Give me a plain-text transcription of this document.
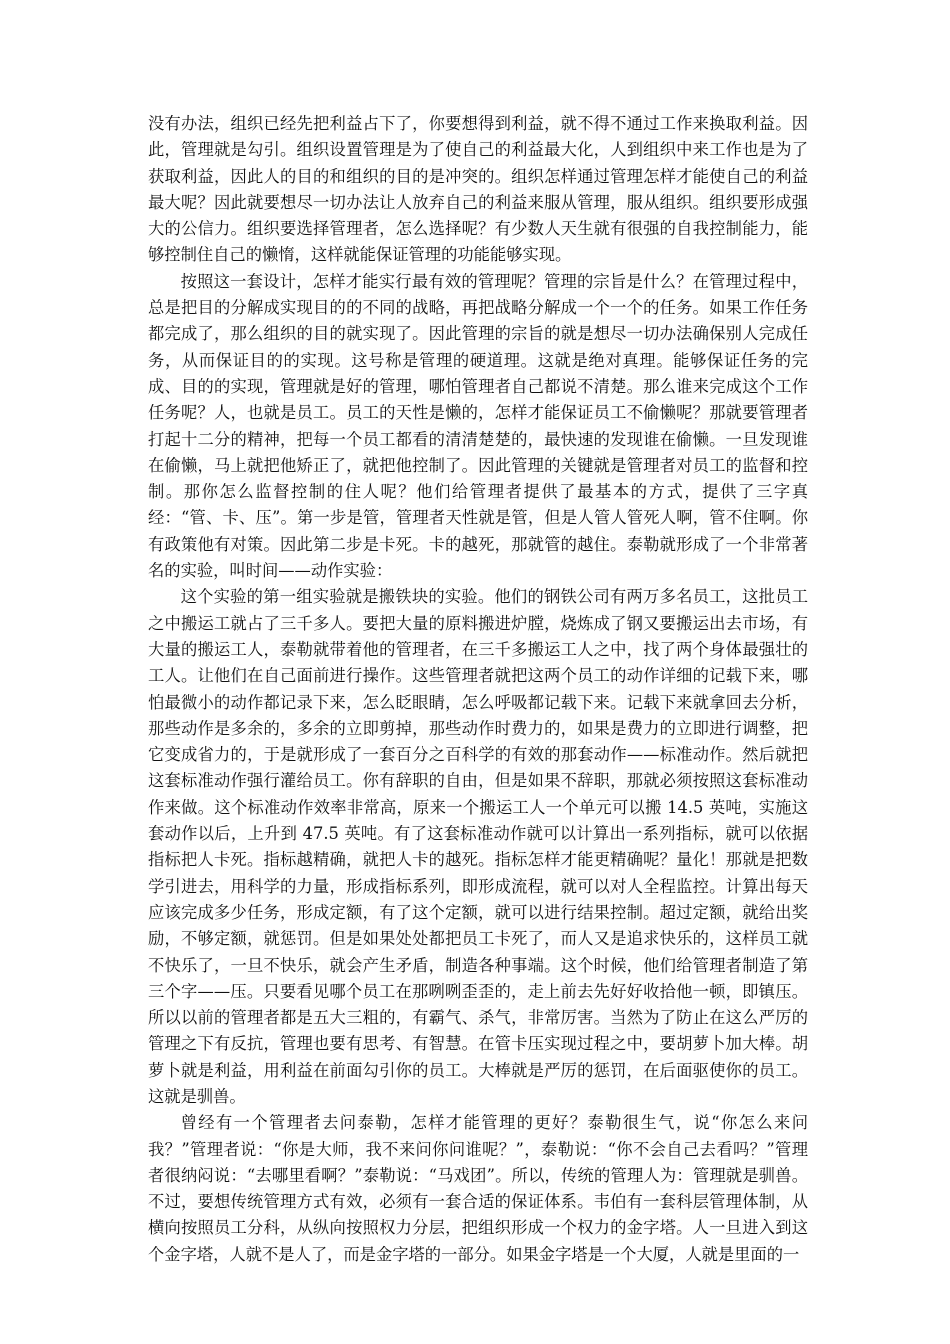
没有办法，组织已经先把利益占下了，你要想得到利益，就不得不通过工作来换取利益。因此，管理就是勾引。组织设置管理是为了使自己的利益最大化，人到组织中来工作也是为了获取利益，因此人的目的和组织的目的是冲突的。组织怎样通过管理怎样才能使自己的利益最大呢？因此就要想尽一切办法让人放弃自己的利益来服从管理，服从组织。组织要形成强大的公信力。组织要选择管理者，怎么选择呢？有少数人天生就有很强的自我控制能力，能够控制住自己的懒惰，这样就能保证管理的功能能够实现。

按照这一套设计，怎样才能实行最有效的管理呢？管理的宗旨是什么？在管理过程中，总是把目的分解成实现目的的不同的战略，再把战略分解成一个一个的任务。如果工作任务都完成了，那么组织的目的就实现了。因此管理的宗旨的就是想尽一切办法确保别人完成任务，从而保证目的的实现。这号称是管理的硬道理。这就是绝对真理。能够保证任务的完成、目的的实现，管理就是好的管理，哪怕管理者自己都说不清楚。那么谁来完成这个工作任务呢？人，也就是员工。员工的天性是懒的，怎样才能保证员工不偷懒呢？那就要管理者打起十二分的精神，把每一个员工都看的清清楚楚的，最快速的发现谁在偷懒。一旦发现谁在偷懒，马上就把他矫正了，就把他控制了。因此管理的关键就是管理者对员工的监督和控制。那你怎么监督控制的住人呢？他们给管理者提供了最基本的方式，提供了三字真经：“管、卡、压”。第一步是管，管理者天性就是管，但是人管人管死人啊，管不住啊。你有政策他有对策。因此第二步是卡死。卡的越死，那就管的越住。泰勒就形成了一个非常著名的实验，叫时间——动作实验：

这个实验的第一组实验就是搬铁块的实验。他们的钢铁公司有两万多名员工，这批员工之中搬运工就占了三千多人。要把大量的原料搬进炉膛，烧炼成了钢又要搬运出去市场，有大量的搬运工人，泰勒就带着他的管理者，在三千多搬运工人之中，找了两个身体最强壮的工人。让他们在自己面前进行操作。这些管理者就把这两个员工的动作详细的记载下来，哪怕最微小的动作都记录下来，怎么眨眼睛，怎么呼吸都记载下来。记载下来就拿回去分析，那些动作是多余的，多余的立即剪掉，那些动作时费力的，如果是费力的立即进行调整，把它变成省力的，于是就形成了一套百分之百科学的有效的那套动作——标准动作。然后就把这套标准动作强行灌给员工。你有辞职的自由，但是如果不辞职，那就必须按照这套标准动作来做。这个标准动作效率非常高，原来一个搬运工人一个单元可以搬 14.5 英吨，实施这套动作以后，上升到 47.5 英吨。有了这套标准动作就可以计算出一系列指标，就可以依据指标把人卡死。指标越精确，就把人卡的越死。指标怎样才能更精确呢？量化！那就是把数学引进去，用科学的力量，形成指标系列，即形成流程，就可以对人全程监控。计算出每天应该完成多少任务，形成定额，有了这个定额，就可以进行结果控制。超过定额，就给出奖励，不够定额，就惩罚。但是如果处处都把员工卡死了，而人又是追求快乐的，这样员工就不快乐了，一旦不快乐，就会产生矛盾，制造各种事端。这个时候，他们给管理者制造了第三个字——压。只要看见哪个员工在那咧咧歪歪的，走上前去先好好收拾他一顿，即镇压。所以以前的管理者都是五大三粗的，有霸气、杀气，非常厉害。当然为了防止在这么严厉的管理之下有反抗，管理也要有思考、有智慧。在管卡压实现过程之中，要胡萝卜加大棒。胡萝卜就是利益，用利益在前面勾引你的员工。大棒就是严厉的惩罚，在后面驱使你的员工。这就是驯兽。

曾经有一个管理者去问泰勒，怎样才能管理的更好？泰勒很生气，说“你怎么来问我？”管理者说：“你是大师，我不来问你问谁呢？”，泰勒说：“你不会自己去看吗？”管理者很纳闷说：“去哪里看啊？”泰勒说：“马戏团”。所以，传统的管理人为：管理就是驯兽。不过，要想传统管理方式有效，必须有一套合适的保证体系。韦伯有一套科层管理体制，从横向按照员工分科，从纵向按照权力分层，把组织形成一个权力的金字塔。人一旦进入到这个金字塔，人就不是人了，而是金字塔的一部分。如果金字塔是一个大厦，人就是里面的一
